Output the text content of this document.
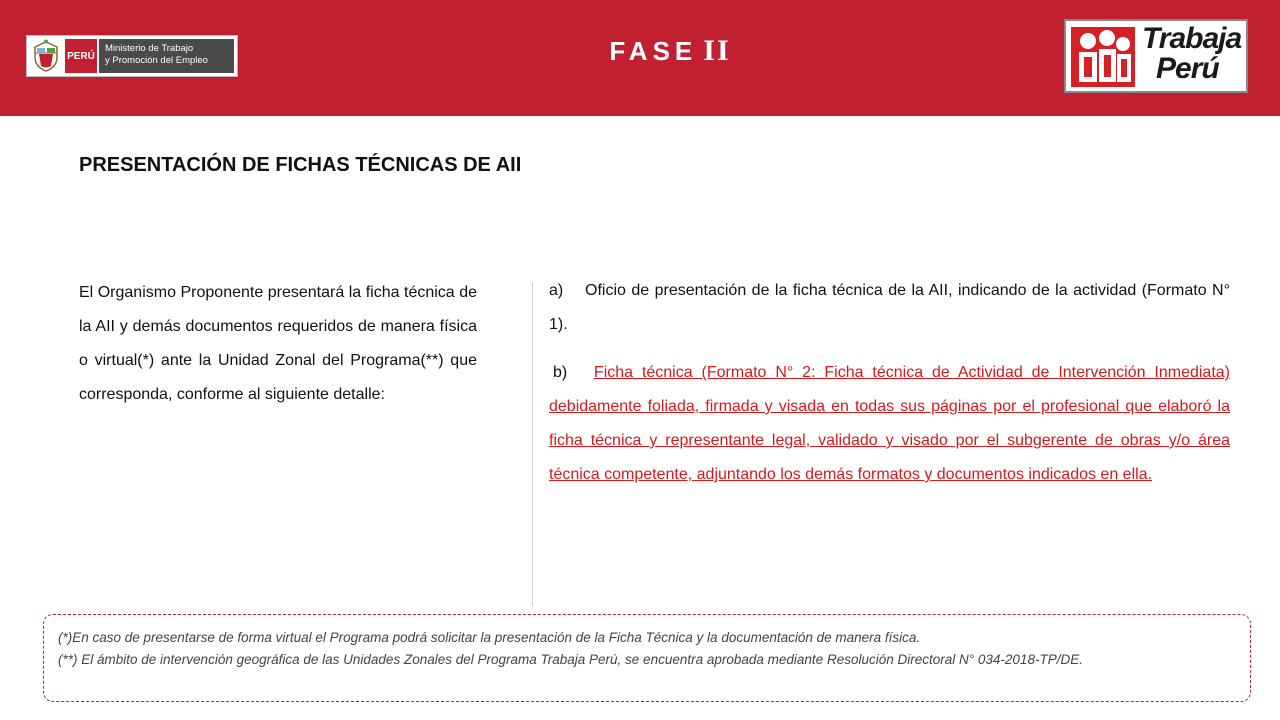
PERÚ
Ministerio de Trabajo
y Promoción del Empleo	FASE II	Trabaja
Perú
PRESENTACIÓN DE FICHAS TÉCNICAS DE AII
El Organismo Proponente presentará la ficha técnica de la AII y demás documentos requeridos de manera física o virtual(*) ante la Unidad Zonal del Programa(**) que corresponda, conforme al siguiente detalle:
a) Oficio de presentación de la ficha técnica de la AII, indicando de la actividad (Formato N° 1).
b) Ficha técnica (Formato N° 2: Ficha técnica de Actividad de Intervención Inmediata) debidamente foliada, firmada y visada en todas sus páginas por el profesional que elaboró la ficha técnica y representante legal, validado y visado por el subgerente de obras y/o área técnica competente, adjuntando los demás formatos y documentos indicados en ella.

(*)En caso de presentarse de forma virtual el Programa podrá solicitar la presentación de la Ficha Técnica y la documentación de manera física.

(**) El ámbito de intervención geográfica de las Unidades Zonales del Programa Trabaja Perú, se encuentra aprobada mediante Resolución Directoral N° 034-2018-TP/DE.
